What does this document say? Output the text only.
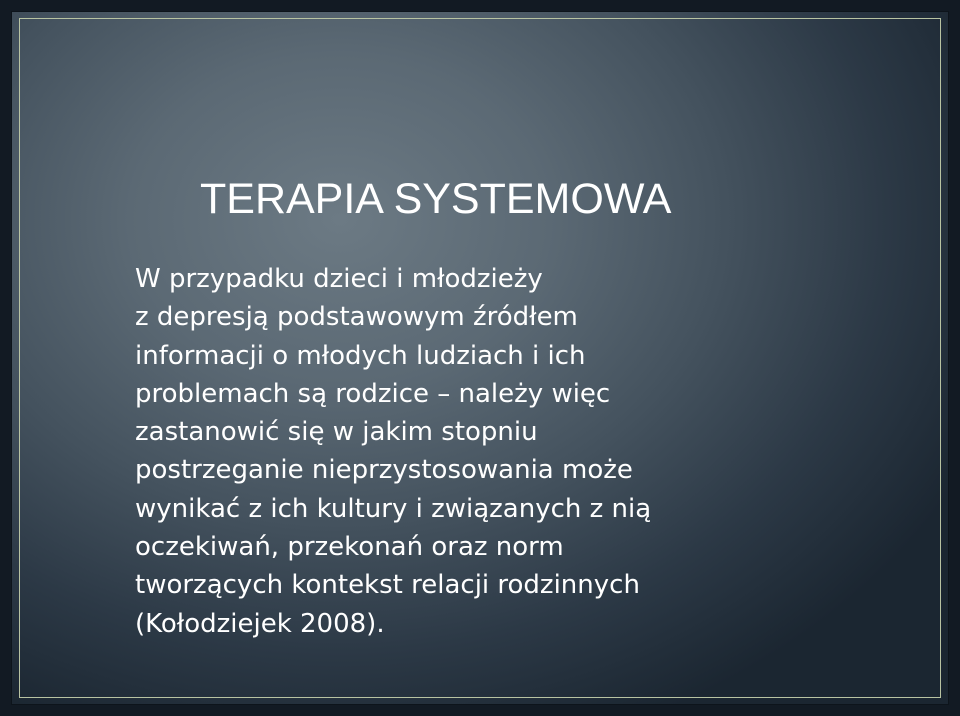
TERAPIA SYSTEMOWA
W przypadku dzieci i młodzieży
z depresją podstawowym źródłem
informacji o młodych ludziach i ich
problemach są rodzice – należy więc
zastanowić się w jakim stopniu
postrzeganie nieprzystosowania może
wynikać z ich kultury i związanych z nią
oczekiwań, przekonań oraz norm
tworzących kontekst relacji rodzinnych
(Kołodziejek 2008).
